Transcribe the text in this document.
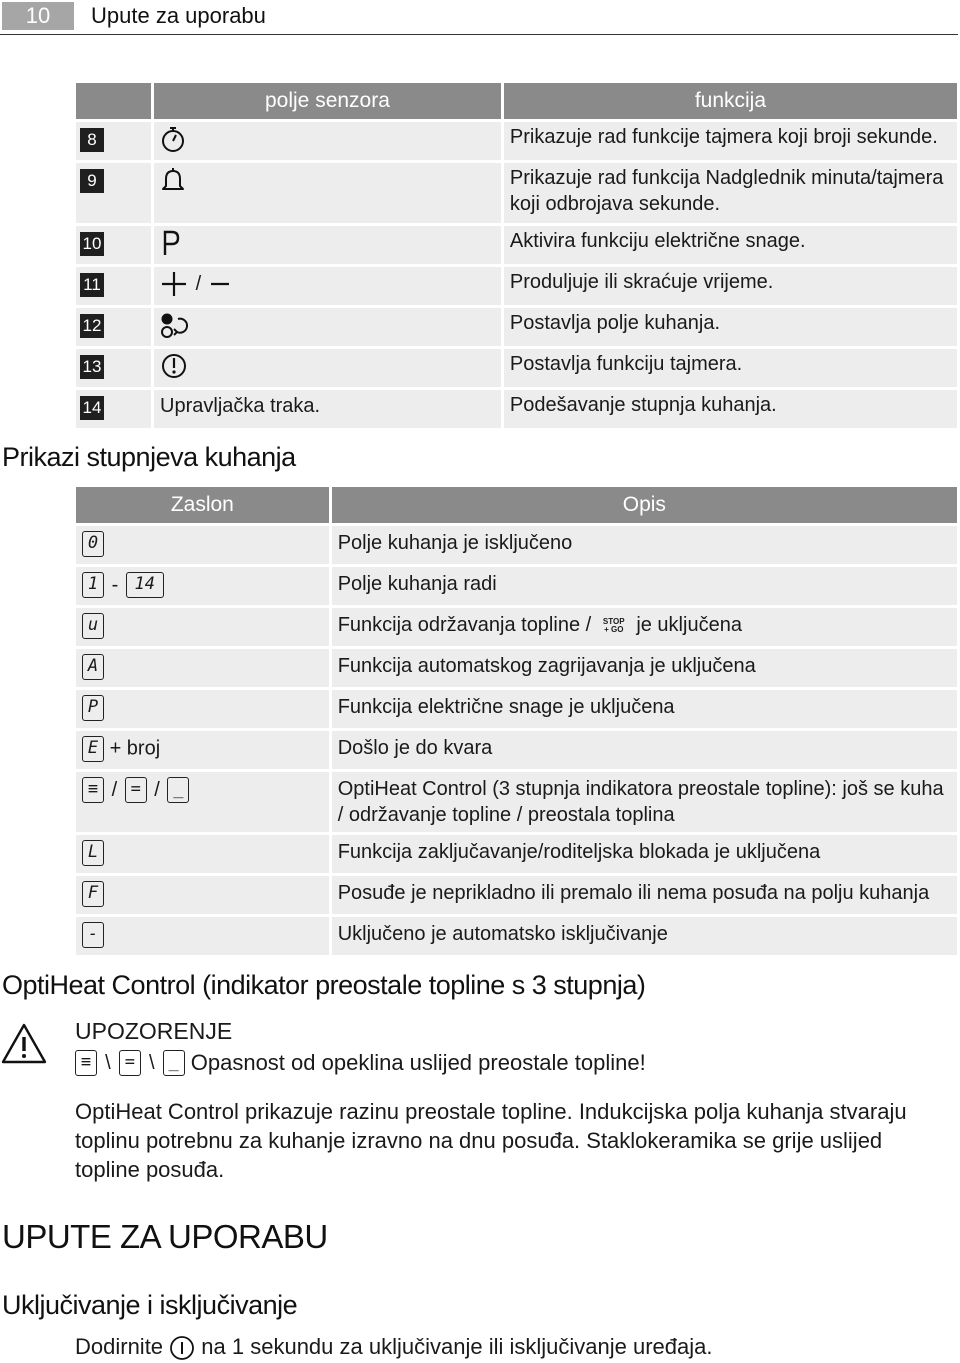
10	Upute za uporabu
	polje senzora	funkcija
8		Prikazuje rad funkcije tajmera koji broji sekunde.
9		Prikazuje rad funkcija Nadglednik minuta/tajmera koji odbrojava sekunde.
10		Aktivira funkciju električne snage.
11	/	Produljuje ili skraćuje vrijeme.
12		Postavlja polje kuhanja.
13		Postavlja funkciju tajmera.
14	Upravljačka traka.	Podešavanje stupnja kuhanja.
Prikazi stupnjeva kuhanja
Zaslon	Opis
0	Polje kuhanja je isključeno
1 - 14	Polje kuhanja radi
u	Funkcija održavanja topline / STOP + GO je uključena
A	Funkcija automatskog zagrijavanja je uključena
P	Funkcija električne snage je uključena
E + broj	Došlo je do kvara
≡ / = / _	OptiHeat Control (3 stupnja indikatora preostale topline): još se kuha / održavanje topline / preostala toplina
L	Funkcija zaključavanje/roditeljska blokada je uključena
F	Posuđe je neprikladno ili premalo ili nema posuđa na polju kuhanja
-	Uključeno je automatsko isključivanje
OptiHeat Control (indikator preostale topline s 3 stupnja)
UPOZORENJE
≡ \ = \ _ Opasnost od opeklina uslijed preostale topline!
OptiHeat Control prikazuje razinu preostale topline. Indukcijska polja kuhanja stvaraju toplinu potrebnu za kuhanje izravno na dnu posuđa. Staklokeramika se grije uslijed topline posuđa.
UPUTE ZA UPORABU
Uključivanje i isključivanje
Dodirnite na 1 sekundu za uključivanje ili isključivanje uređaja.
